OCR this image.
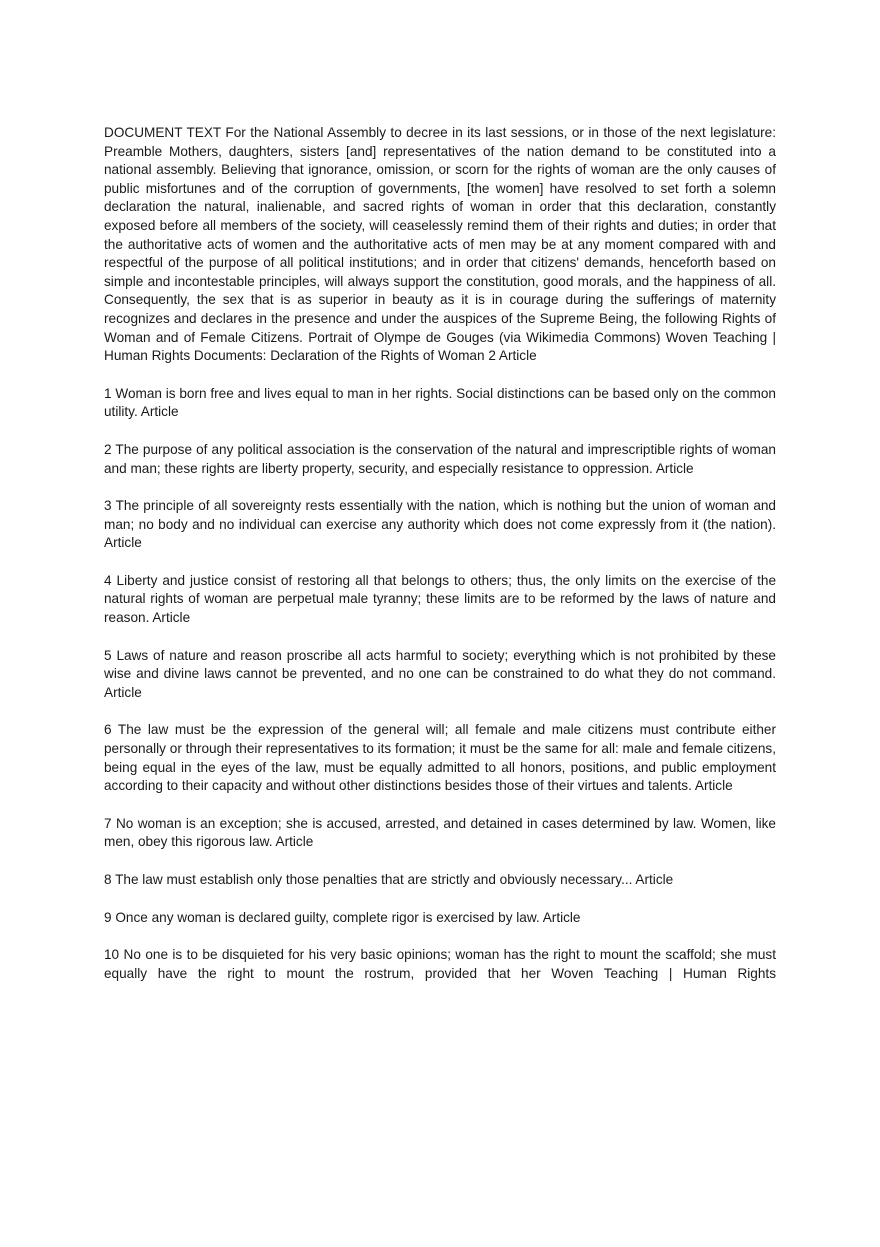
DOCUMENT TEXT For the National Assembly to decree in its last sessions, or in those of the next legislature: Preamble Mothers, daughters, sisters [and] representatives of the nation demand to be constituted into a national assembly. Believing that ignorance, omission, or scorn for the rights of woman are the only causes of public misfortunes and of the corruption of governments, [the women] have resolved to set forth a solemn declaration the natural, inalienable, and sacred rights of woman in order that this declaration, constantly exposed before all members of the society, will ceaselessly remind them of their rights and duties; in order that the authoritative acts of women and the authoritative acts of men may be at any moment compared with and respectful of the purpose of all political institutions; and in order that citizens' demands, henceforth based on simple and incontestable principles, will always support the constitution, good morals, and the happiness of all. Consequently, the sex that is as superior in beauty as it is in courage during the sufferings of maternity recognizes and declares in the presence and under the auspices of the Supreme Being, the following Rights of Woman and of Female Citizens. Portrait of Olympe de Gouges (via Wikimedia Commons) Woven Teaching | Human Rights Documents: Declaration of the Rights of Woman 2 Article

1 Woman is born free and lives equal to man in her rights. Social distinctions can be based only on the common utility. Article

2 The purpose of any political association is the conservation of the natural and imprescriptible rights of woman and man; these rights are liberty property, security, and especially resistance to oppression. Article

3 The principle of all sovereignty rests essentially with the nation, which is nothing but the union of woman and man; no body and no individual can exercise any authority which does not come expressly from it (the nation). Article

4 Liberty and justice consist of restoring all that belongs to others; thus, the only limits on the exercise of the natural rights of woman are perpetual male tyranny; these limits are to be reformed by the laws of nature and reason. Article

5 Laws of nature and reason proscribe all acts harmful to society; everything which is not prohibited by these wise and divine laws cannot be prevented, and no one can be constrained to do what they do not command. Article

6 The law must be the expression of the general will; all female and male citizens must contribute either personally or through their representatives to its formation; it must be the same for all: male and female citizens, being equal in the eyes of the law, must be equally admitted to all honors, positions, and public employment according to their capacity and without other distinctions besides those of their virtues and talents. Article

7 No woman is an exception; she is accused, arrested, and detained in cases determined by law. Women, like men, obey this rigorous law. Article

8 The law must establish only those penalties that are strictly and obviously necessary... Article

9 Once any woman is declared guilty, complete rigor is exercised by law. Article

10 No one is to be disquieted for his very basic opinions; woman has the right to mount the scaffold; she must equally have the right to mount the rostrum, provided that her Woven Teaching | Human Rights
